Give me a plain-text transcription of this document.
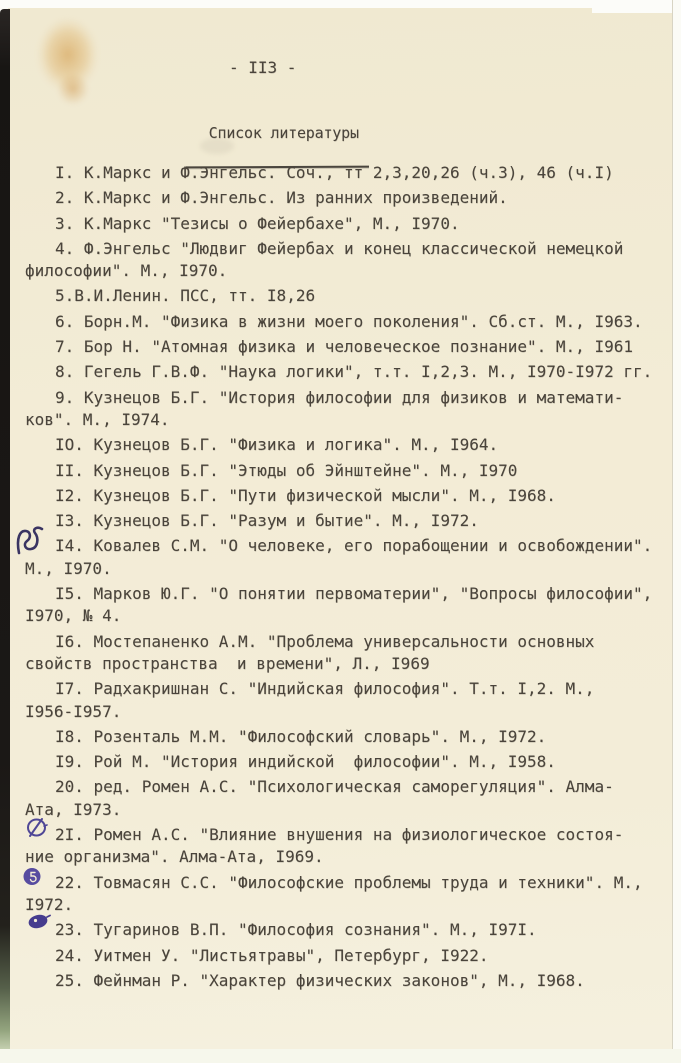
- II3 -

Список литературы

I. К.Маркс и Ф.Энгельс. Соч., тт 2,3,20,26 (ч.3), 46 (ч.I)
2. К.Маркс и Ф.Энгельс. Из ранних произведений.
3. К.Маркс "Тезисы о Фейербахе", М., I970.
4. Ф.Энгельс "Людвиг Фейербах и конец классической немецкой
философии". М., I970.
5.В.И.Ленин. ПСС, тт. I8,26
6. Борн.М. "Физика в жизни моего поколения". Сб.ст. М., I963.
7. Бор Н. "Атомная физика и человеческое познание". М., I961
8. Гегель Г.В.Ф. "Наука логики", т.т. I,2,3. М., I970-I972 гг.
9. Кузнецов Б.Г. "История философии для физиков и математи-
ков". М., I974.
IO. Кузнецов Б.Г. "Физика и логика". М., I964.
II. Кузнецов Б.Г. "Этюды об Эйнштейне". М., I970
I2. Кузнецов Б.Г. "Пути физической мысли". М., I968.
I3. Кузнецов Б.Г. "Разум и бытие". М., I972.
I4. Ковалев С.М. "О человеке, его порабощении и освобождении".
М., I970.
I5. Марков Ю.Г. "О понятии первоматерии", "Вопросы философии",
I970, № 4.
I6. Мостепаненко А.М. "Проблема универсальности основных
свойств пространства  и времени", Л., I969
I7. Радхакришнан С. "Индийская философия". Т.т. I,2. М.,
I956-I957.
I8. Розенталь М.М. "Философский словарь". М., I972.
I9. Рой М. "История индийской  философии". М., I958.
20. ред. Ромен А.С. "Психологическая саморегуляция". Алма-
Ата, I973.
2I. Ромен А.С. "Влияние внушения на физиологическое состоя-
ние организма". Алма-Ата, I969.
22. Товмасян С.С. "Философские проблемы труда и техники". М.,
I972.
23. Тугаринов В.П. "Философия сознания". М., I97I.
24. Уитмен У. "Листьятравы", Петербург, I922.
25. Фейнман Р. "Характер физических законов", М., I968.
